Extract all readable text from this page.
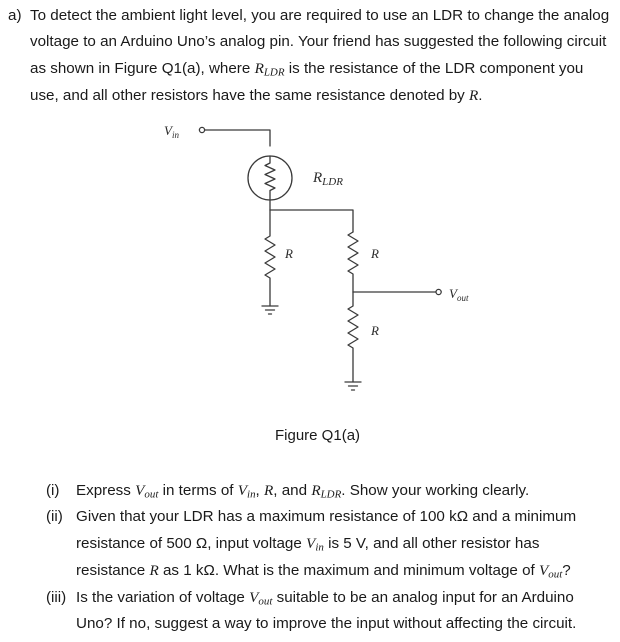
a) To detect the ambient light level, you are required to use an LDR to change the analog
voltage to an Arduino Uno’s analog pin. Your friend has suggested the following circuit
as shown in Figure Q1(a), where $R_{LDR}$ is the resistance of the LDR component you
use, and all other resistors have the same resistance denoted by R.
$V_{in}$
$R_{LDR}$
R	R
R
$V_{out}$
Figure Q1(a)
(i) Express $V_{out}$ in terms of $V_{in}$, R, and $R_{LDR}$. Show your working clearly.
(ii) Given that your LDR has a maximum resistance of 100 kΩ and a minimum
resistance of 500 Ω, input voltage $V_{in}$ is 5 V, and all other resistor has
resistance R as 1 kΩ. What is the maximum and minimum voltage of $V_{out}$?
(iii) Is the variation of voltage $V_{out}$ suitable to be an analog input for an Arduino
Uno? If no, suggest a way to improve the input without affecting the circuit.
